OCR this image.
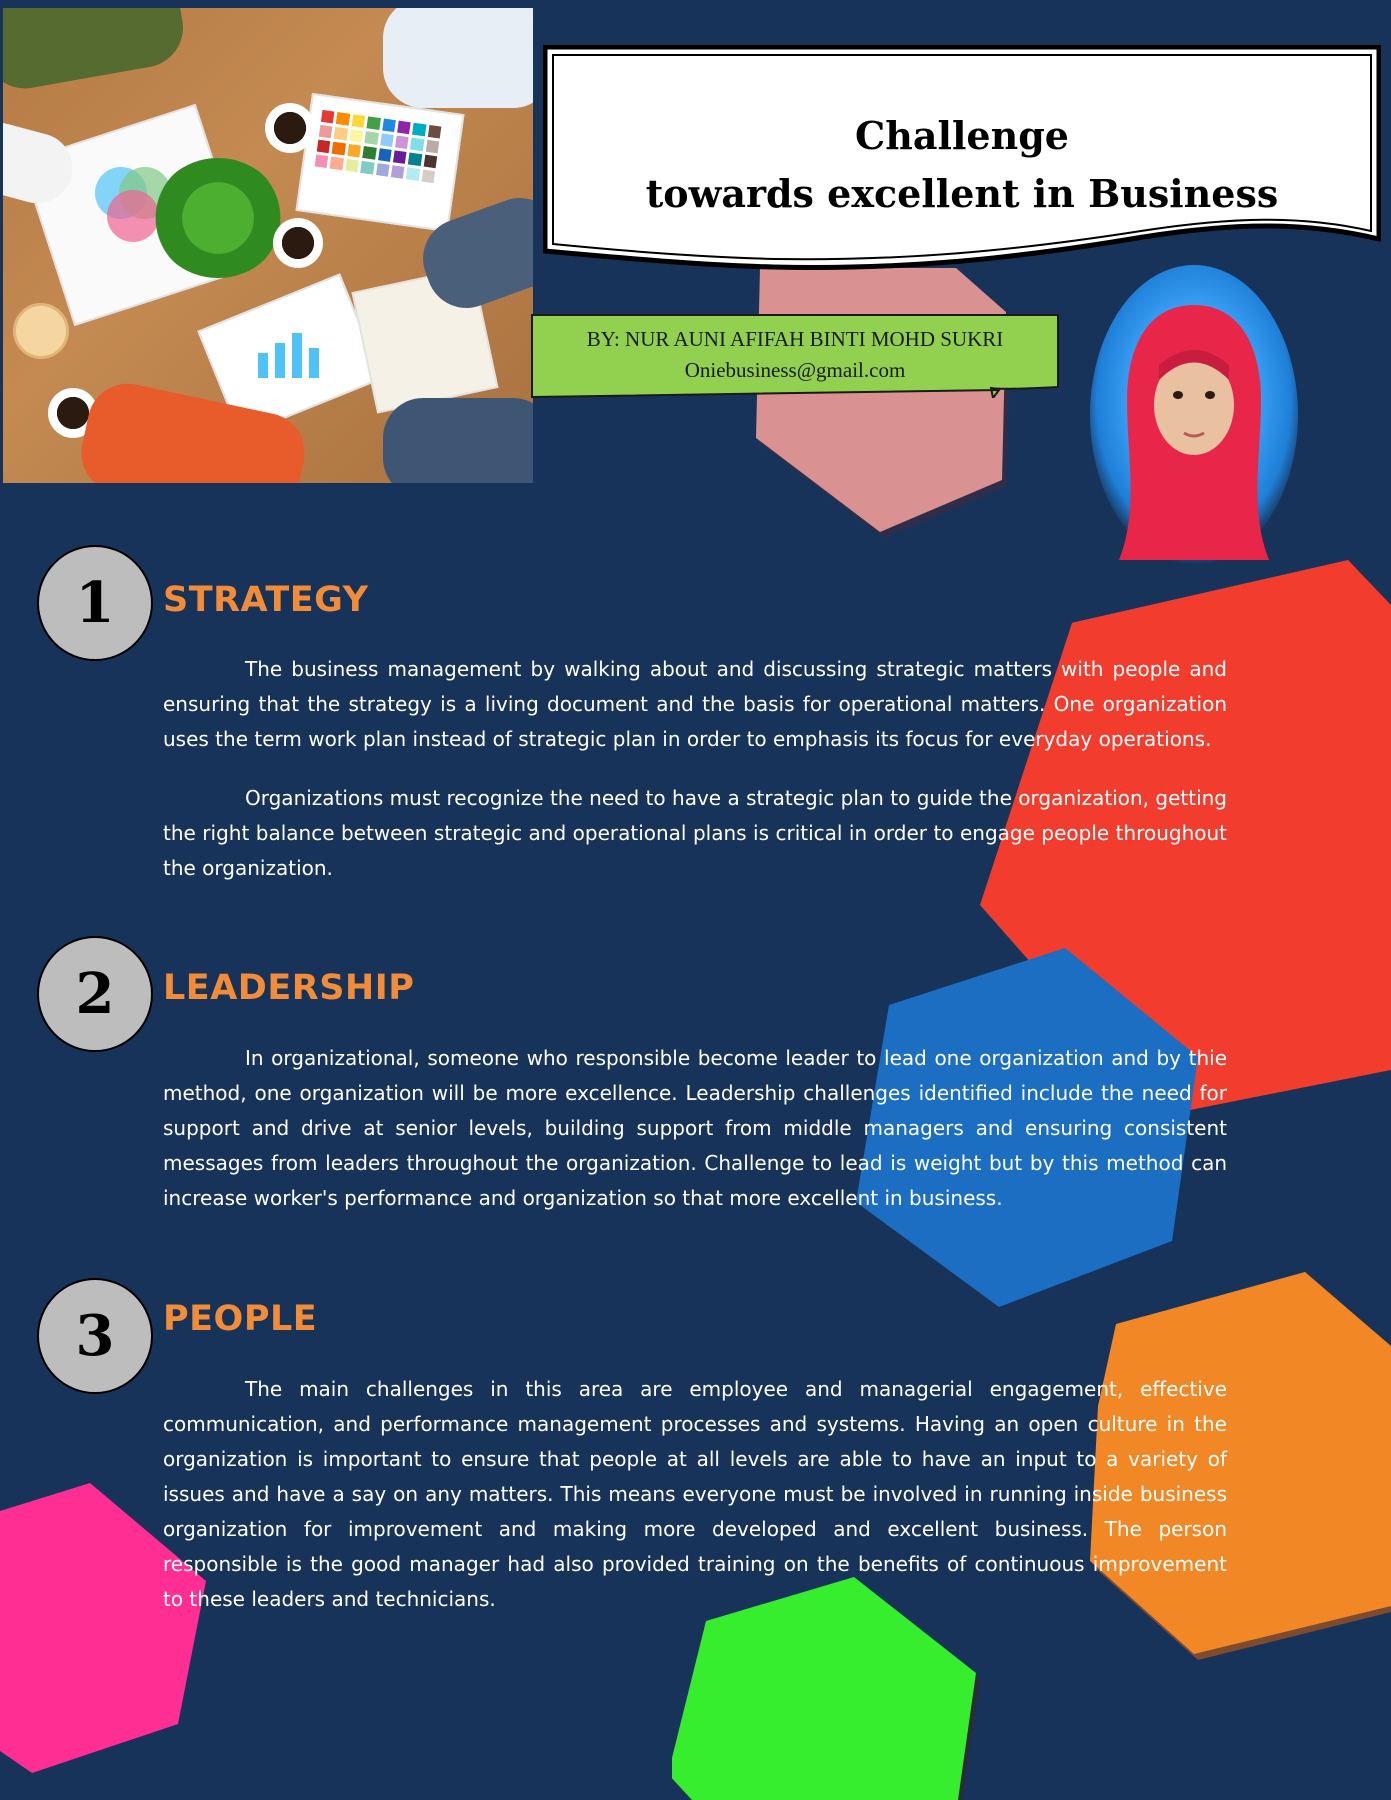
Challenge
towards excellent in Business
BY: NUR AUNI AFIFAH BINTI MOHD SUKRI
Oniebusiness@gmail.com
1	STRATEGY

The business management by walking about and discussing strategic matters with people and ensuring that the strategy is a living document and the basis for operational matters. One organization uses the term work plan instead of strategic plan in order to emphasis its focus for everyday operations.

Organizations must recognize the need to have a strategic plan to guide the organization, getting the right balance between strategic and operational plans is critical in order to engage people throughout the organization.

2	LEADERSHIP

In organizational, someone who responsible become leader to lead one organization and by thie method, one organization will be more excellence. Leadership challenges identified include the need for support and drive at senior levels, building support from middle managers and ensuring consistent messages from leaders throughout the organization. Challenge to lead is weight but by this method can increase worker's performance and organization so that more excellent in business.

3	PEOPLE

The main challenges in this area are employee and managerial engagement, effective communication, and performance management processes and systems. Having an open culture in the organization is important to ensure that people at all levels are able to have an input to a variety of issues and have a say on any matters. This means everyone must be involved in running inside business organization for improvement and making more developed and excellent business. The person responsible is the good manager had also provided training on the benefits of continuous improvement to these leaders and technicians.
